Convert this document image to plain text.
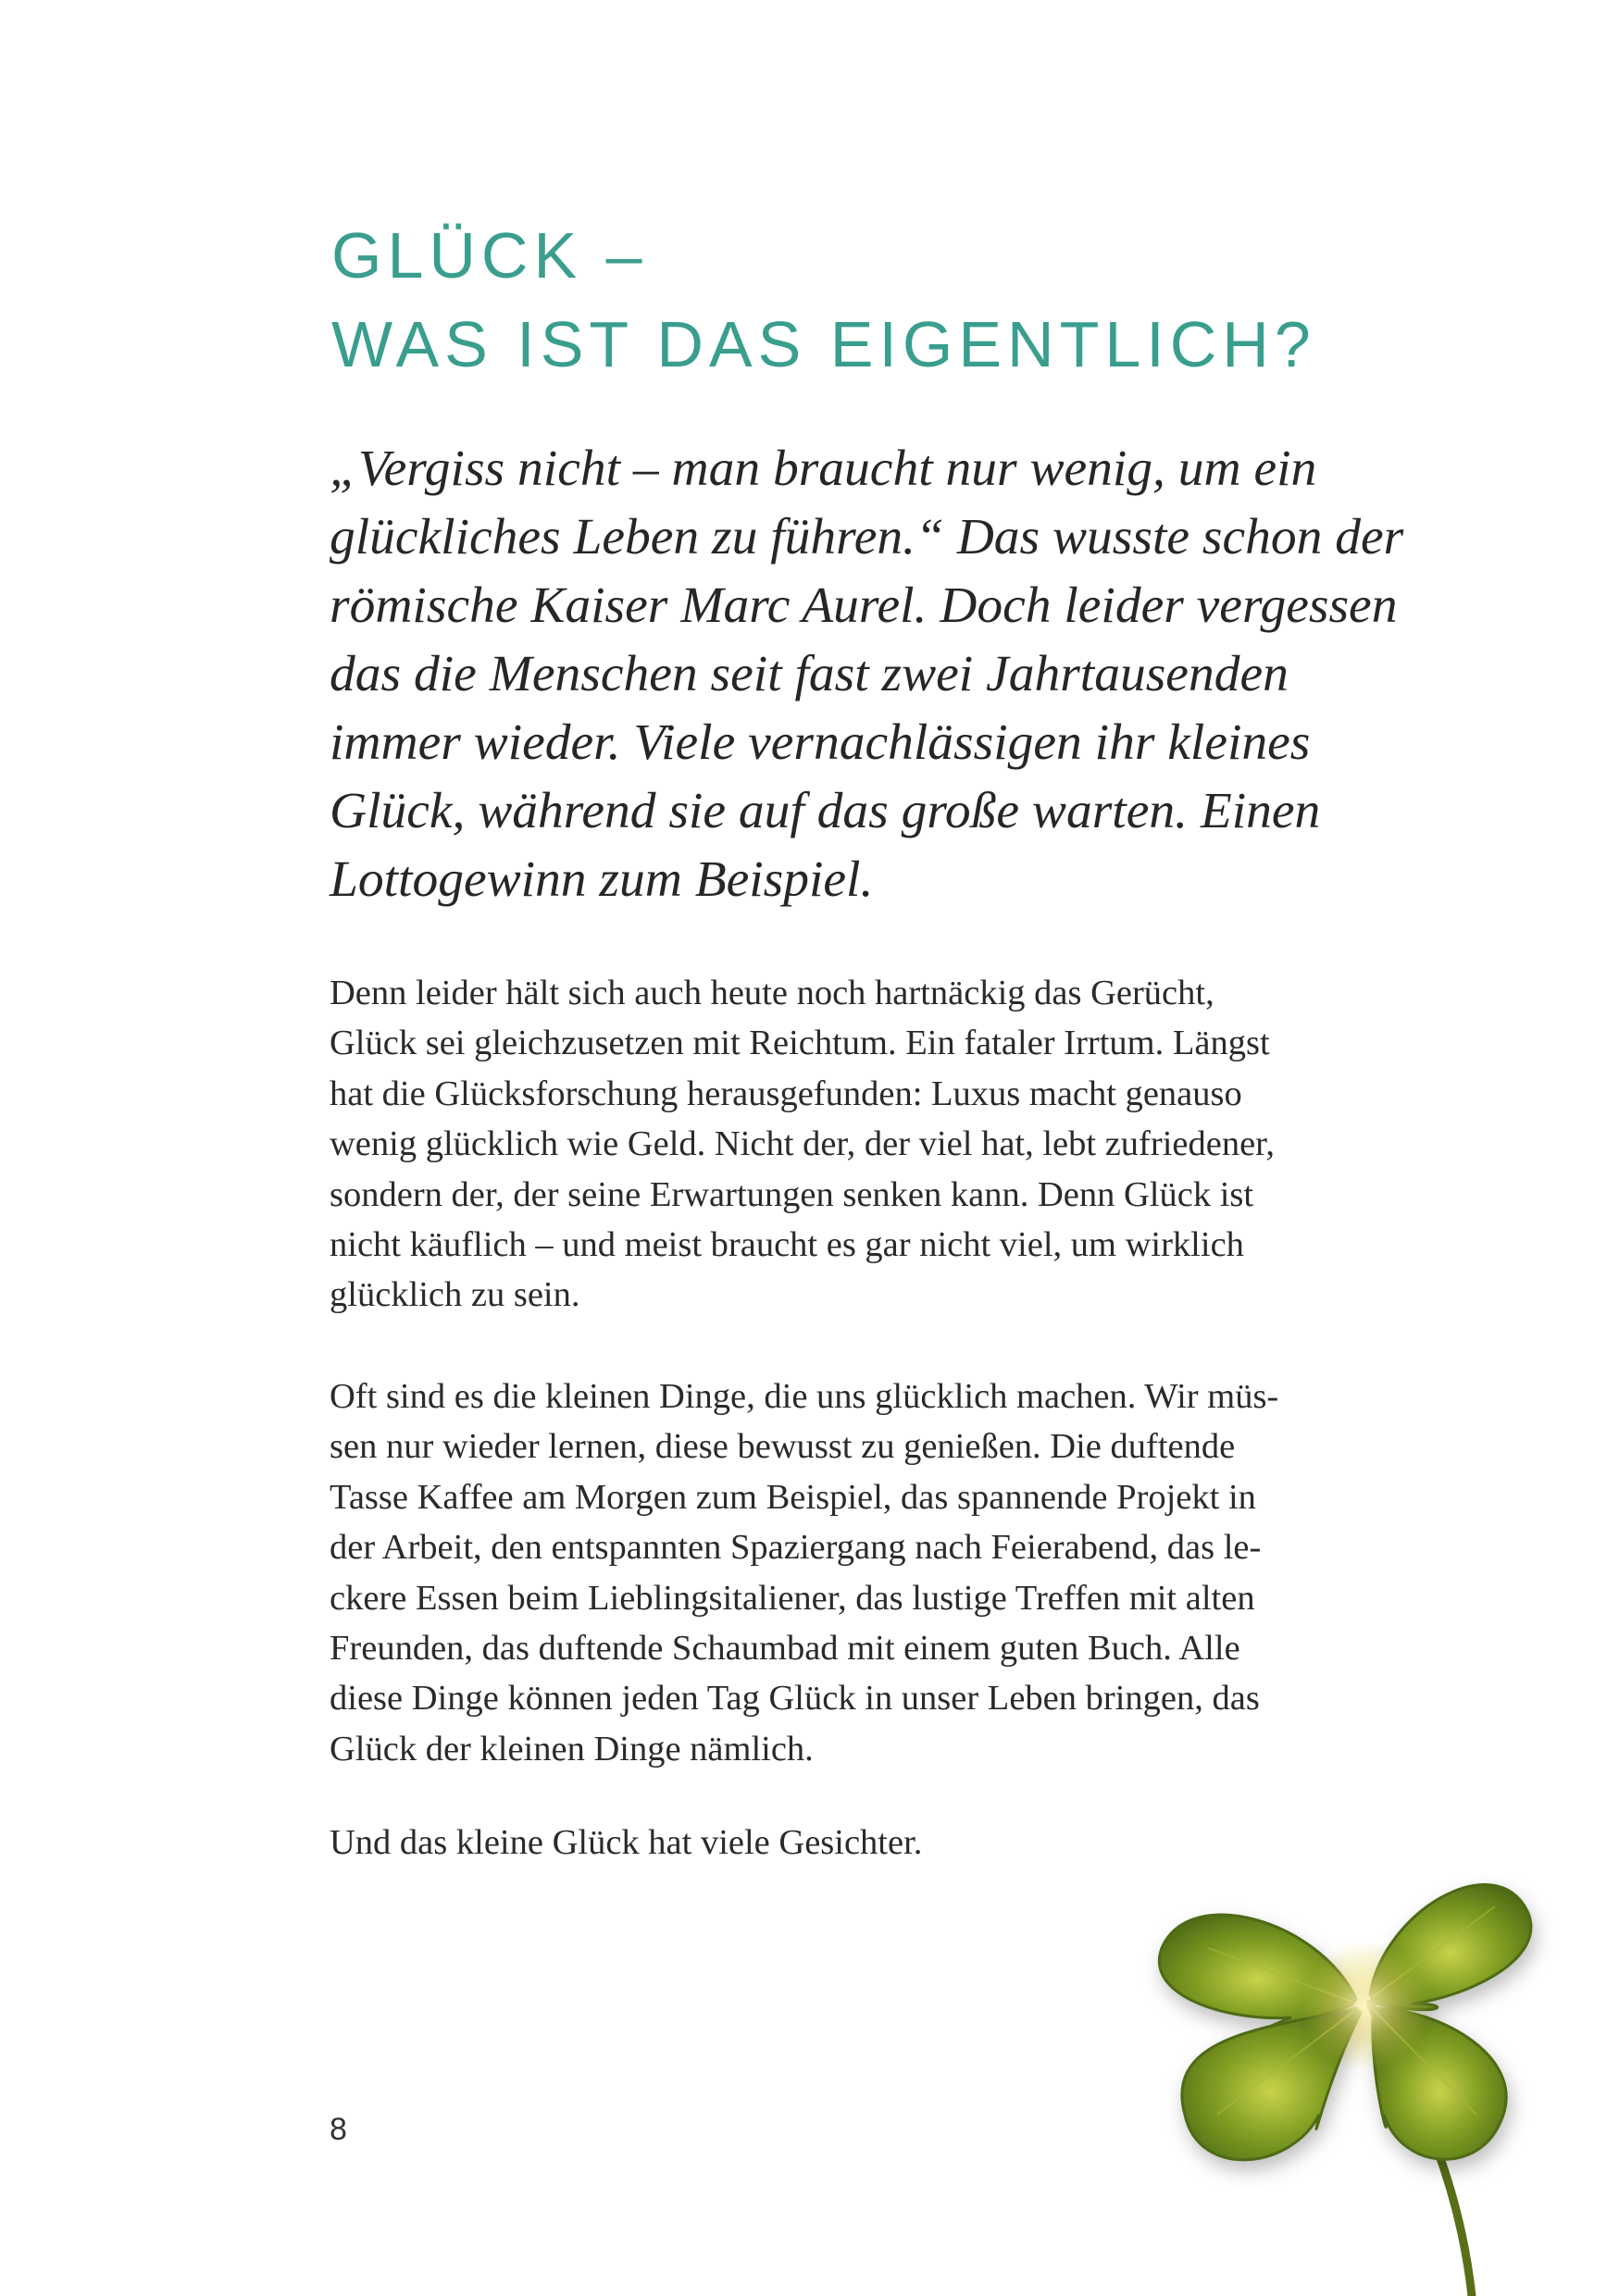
GLÜCK –
WAS IST DAS EIGENTLICH?
„Vergiss nicht – man braucht nur wenig, um ein
glückliches Leben zu führen.“ Das wusste schon der
römische Kaiser Marc Aurel. Doch leider vergessen
das die Menschen seit fast zwei Jahrtausenden
immer wieder. Viele vernachlässigen ihr kleines
Glück, während sie auf das große warten. Einen
Lottogewinn zum Beispiel.
Denn leider hält sich auch heute noch hartnäckig das Gerücht,
Glück sei gleichzusetzen mit Reichtum. Ein fataler Irrtum. Längst
hat die Glücksforschung herausgefunden: Luxus macht genauso
wenig glücklich wie Geld. Nicht der, der viel hat, lebt zufriedener,
sondern der, der seine Erwartungen senken kann. Denn Glück ist
nicht käuflich – und meist braucht es gar nicht viel, um wirklich
glücklich zu sein.
Oft sind es die kleinen Dinge, die uns glücklich machen. Wir müs-
sen nur wieder lernen, diese bewusst zu genießen. Die duftende
Tasse Kaffee am Morgen zum Beispiel, das spannende Projekt in
der Arbeit, den entspannten Spaziergang nach Feierabend, das le-
ckere Essen beim Lieblingsitaliener, das lustige Treffen mit alten
Freunden, das duftende Schaumbad mit einem guten Buch. Alle
diese Dinge können jeden Tag Glück in unser Leben bringen, das
Glück der kleinen Dinge nämlich.
Und das kleine Glück hat viele Gesichter.
8
